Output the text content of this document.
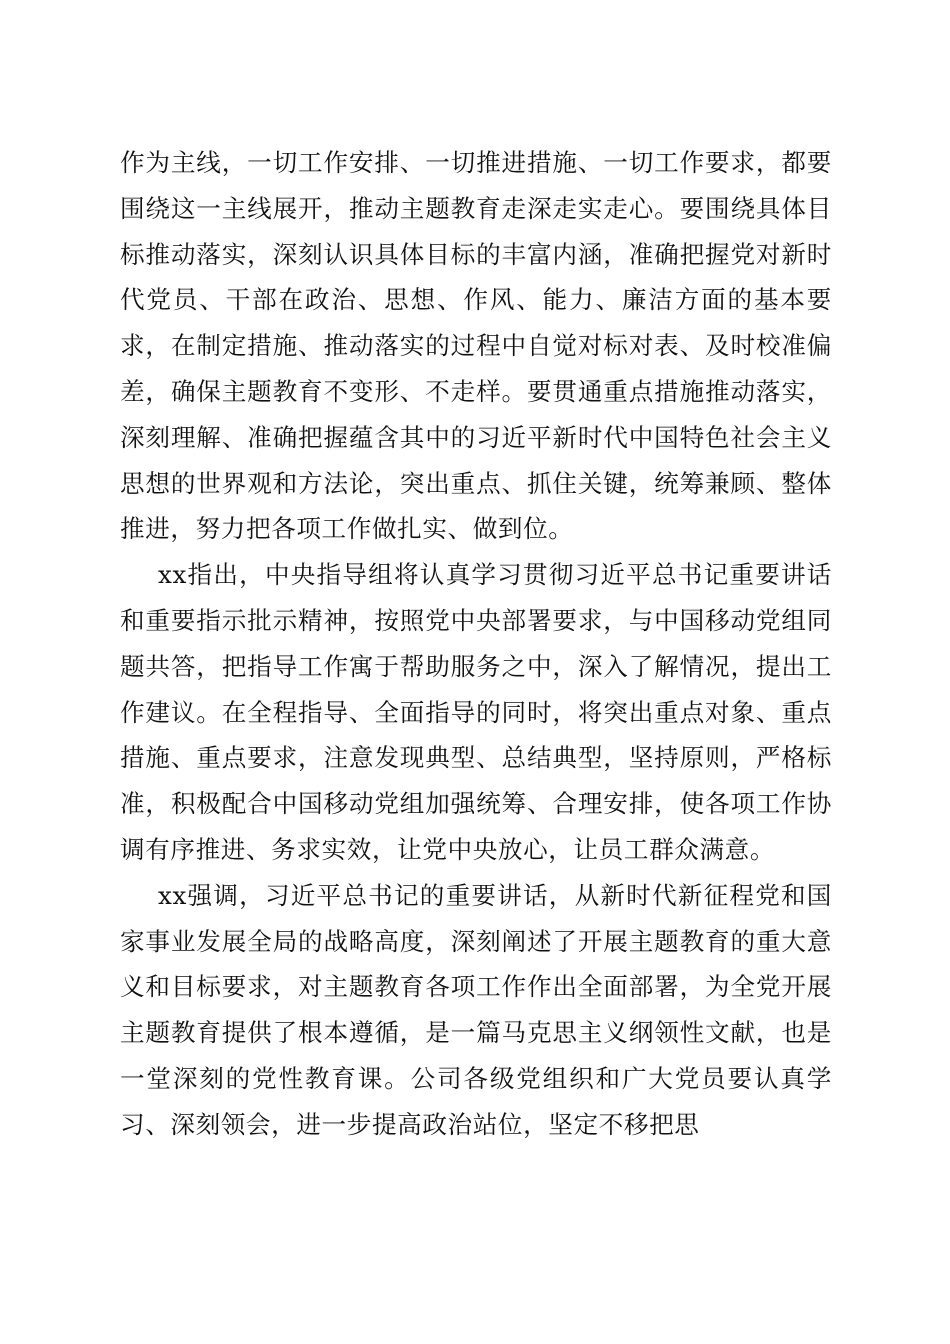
作为主线，一切工作安排、一切推进措施、一切工作要求，都要围绕这一主线展开，推动主题教育走深走实走心。要围绕具体目标推动落实，深刻认识具体目标的丰富内涵，准确把握党对新时代党员、干部在政治、思想、作风、能力、廉洁方面的基本要求，在制定措施、推动落实的过程中自觉对标对表、及时校准偏差，确保主题教育不变形、不走样。要贯通重点措施推动落实，深刻理解、准确把握蕴含其中的习近平新时代中国特色社会主义思想的世界观和方法论，突出重点、抓住关键，统筹兼顾、整体推进，努力把各项工作做扎实、做到位。

xx指出，中央指导组将认真学习贯彻习近平总书记重要讲话和重要指示批示精神，按照党中央部署要求，与中国移动党组同题共答，把指导工作寓于帮助服务之中，深入了解情况，提出工作建议。在全程指导、全面指导的同时，将突出重点对象、重点措施、重点要求，注意发现典型、总结典型，坚持原则，严格标准，积极配合中国移动党组加强统筹、合理安排，使各项工作协调有序推进、务求实效，让党中央放心，让员工群众满意。

xx强调，习近平总书记的重要讲话，从新时代新征程党和国家事业发展全局的战略高度，深刻阐述了开展主题教育的重大意义和目标要求，对主题教育各项工作作出全面部署，为全党开展主题教育提供了根本遵循，是一篇马克思主义纲领性文献，也是一堂深刻的党性教育课。公司各级党组织和广大党员要认真学习、深刻领会，进一步提高政治站位，坚定不移把思
